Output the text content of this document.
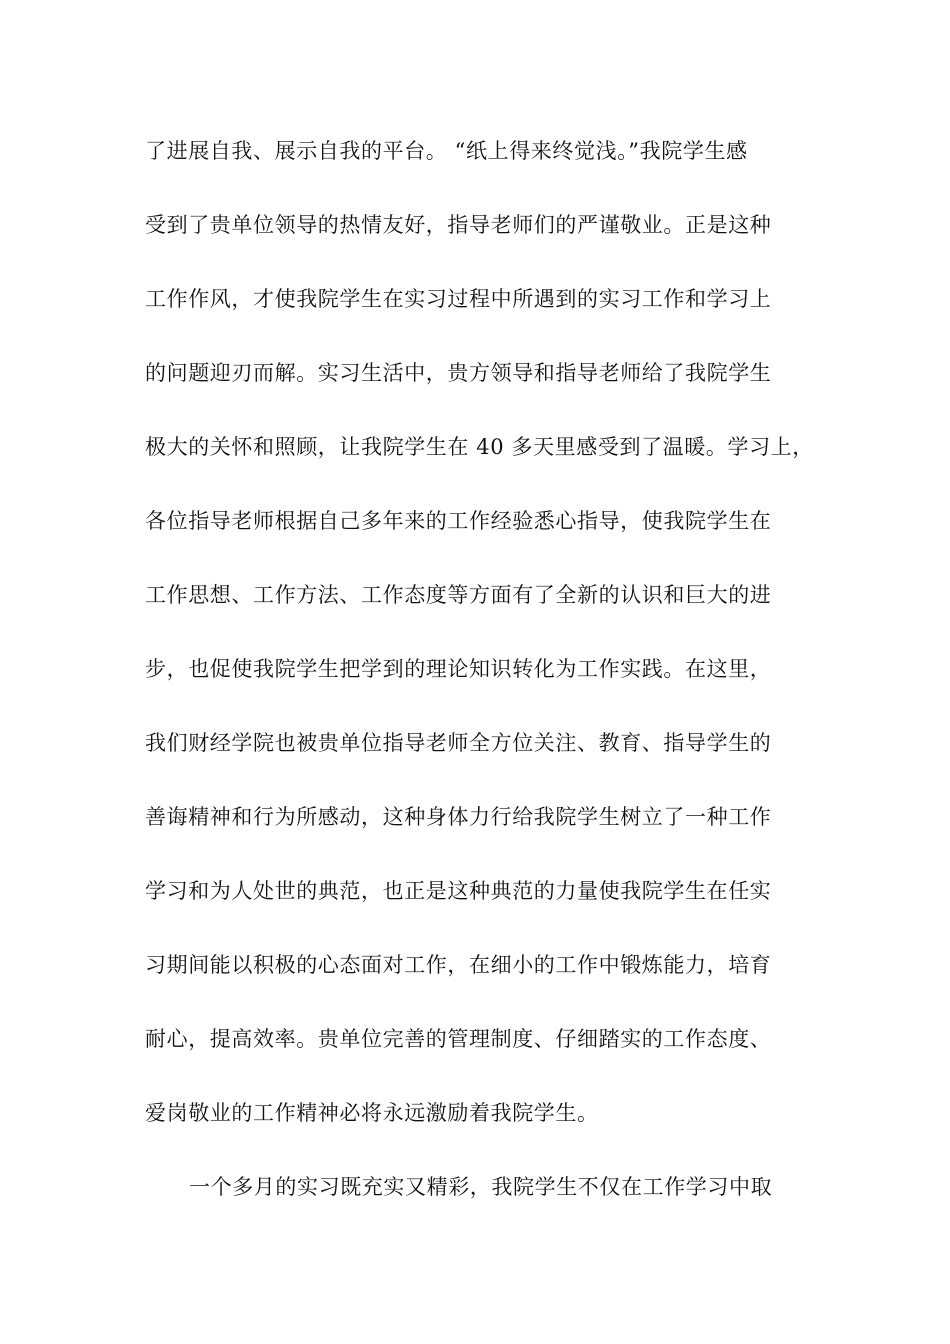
了进展自我、展示自我的平台。 “纸上得来终觉浅。”我院学生感
受到了贵单位领导的热情友好，指导老师们的严谨敬业。正是这种
工作作风，才使我院学生在实习过程中所遇到的实习工作和学习上
的问题迎刃而解。实习生活中，贵方领导和指导老师给了我院学生
极大的关怀和照顾，让我院学生在 40 多天里感受到了温暖。学习上，
各位指导老师根据自己多年来的工作经验悉心指导，使我院学生在
工作思想、工作方法、工作态度等方面有了全新的认识和巨大的进
步，也促使我院学生把学到的理论知识转化为工作实践。在这里，
我们财经学院也被贵单位指导老师全方位关注、教育、指导学生的
善诲精神和行为所感动，这种身体力行给我院学生树立了一种工作
学习和为人处世的典范，也正是这种典范的力量使我院学生在任实
习期间能以积极的心态面对工作，在细小的工作中锻炼能力，培育
耐心，提高效率。贵单位完善的管理制度、仔细踏实的工作态度、
爱岗敬业的工作精神必将永远激励着我院学生。
一个多月的实习既充实又精彩，我院学生不仅在工作学习中取
